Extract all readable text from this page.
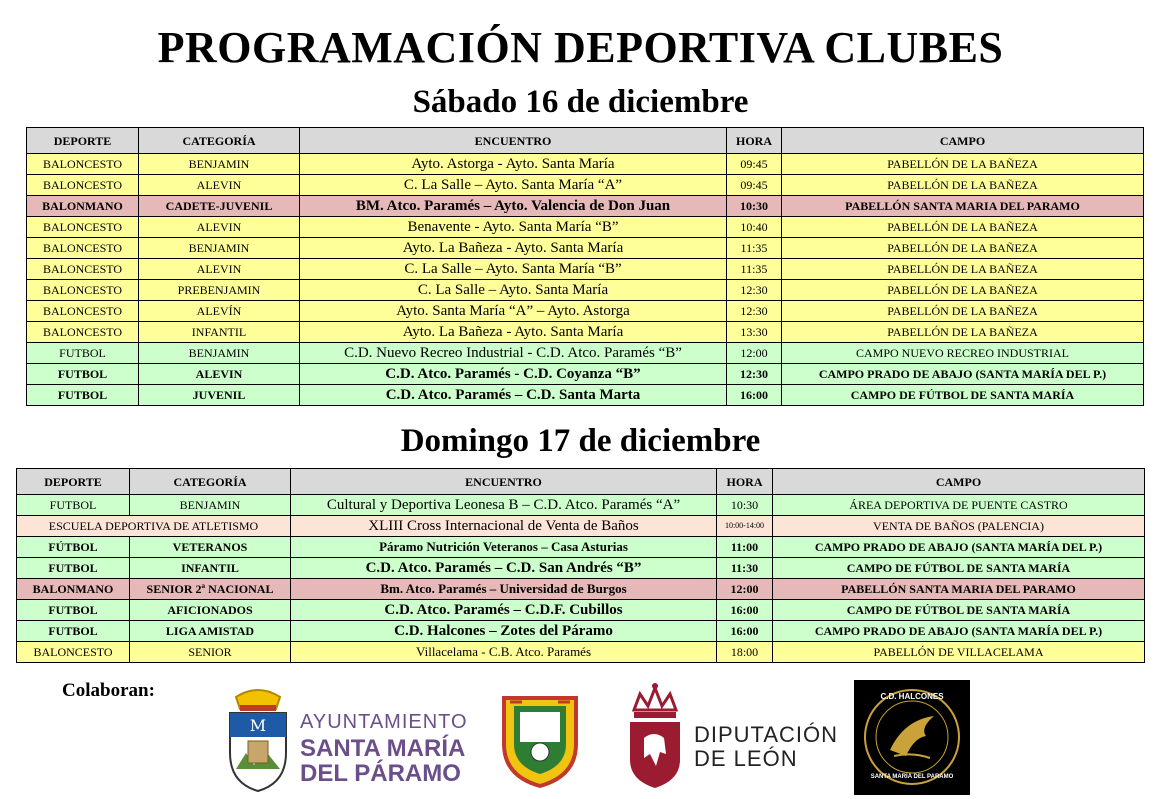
PROGRAMACIÓN DEPORTIVA CLUBES
Sábado 16 de diciembre
DEPORTE	CATEGORÍA	ENCUENTRO	HORA	CAMPO
BALONCESTO	BENJAMIN	Ayto. Astorga - Ayto. Santa María	09:45	PABELLÓN DE LA BAÑEZA
BALONCESTO	ALEVIN	C. La Salle – Ayto. Santa María “A”	09:45	PABELLÓN DE LA BAÑEZA
BALONMANO	CADETE-JUVENIL	BM. Atco. Paramés – Ayto. Valencia de Don Juan	10:30	PABELLÓN SANTA MARIA DEL PARAMO
BALONCESTO	ALEVIN	Benavente - Ayto. Santa María “B”	10:40	PABELLÓN DE LA BAÑEZA
BALONCESTO	BENJAMIN	Ayto. La Bañeza - Ayto. Santa María	11:35	PABELLÓN DE LA BAÑEZA
BALONCESTO	ALEVIN	C. La Salle – Ayto. Santa María “B”	11:35	PABELLÓN DE LA BAÑEZA
BALONCESTO	PREBENJAMIN	C. La Salle – Ayto. Santa María	12:30	PABELLÓN DE LA BAÑEZA
BALONCESTO	ALEVÍN	Ayto. Santa María “A” – Ayto. Astorga	12:30	PABELLÓN DE LA BAÑEZA
BALONCESTO	INFANTIL	Ayto. La Bañeza - Ayto. Santa María	13:30	PABELLÓN DE LA BAÑEZA
FUTBOL	BENJAMIN	C.D. Nuevo Recreo Industrial - C.D. Atco. Paramés “B”	12:00	CAMPO NUEVO RECREO INDUSTRIAL
FUTBOL	ALEVIN	C.D. Atco. Paramés - C.D. Coyanza “B”	12:30	CAMPO PRADO DE ABAJO (SANTA MARÍA DEL P.)
FUTBOL	JUVENIL	C.D. Atco. Paramés – C.D. Santa Marta	16:00	CAMPO DE FÚTBOL DE SANTA MARÍA
Domingo 17 de diciembre
DEPORTE	CATEGORÍA	ENCUENTRO	HORA	CAMPO
FUTBOL	BENJAMIN	Cultural y Deportiva Leonesa B – C.D. Atco. Paramés “A”	10:30	ÁREA DEPORTIVA DE PUENTE CASTRO
ESCUELA DEPORTIVA DE ATLETISMO		XLIII Cross Internacional de Venta de Baños	10:00-14:00	VENTA DE BAÑOS (PALENCIA)
FÚTBOL	VETERANOS	Páramo Nutrición Veteranos – Casa Asturias	11:00	CAMPO PRADO DE ABAJO (SANTA MARÍA DEL P.)
FUTBOL	INFANTIL	C.D. Atco. Paramés – C.D. San Andrés “B”	11:30	CAMPO DE FÚTBOL DE SANTA MARÍA
BALONMANO	SENIOR 2ª NACIONAL	Bm. Atco. Paramés – Universidad de Burgos	12:00	PABELLÓN SANTA MARIA DEL PARAMO
FUTBOL	AFICIONADOS	C.D. Atco. Paramés – C.D.F. Cubillos	16:00	CAMPO DE FÚTBOL DE SANTA MARÍA
FUTBOL	LIGA AMISTAD	C.D. Halcones – Zotes del Páramo	16:00	CAMPO PRADO DE ABAJO (SANTA MARÍA DEL P.)
BALONCESTO	SENIOR	Villacelama - C.B. Atco. Paramés	18:00	PABELLÓN DE VILLACELAMA
Colaboran:
M AYUNTAMIENTO
SANTA MARÍA
DEL PÁRAMO
DIPUTACIÓN
DE LEÓN
C.D. HALCONES
SANTA MARIA DEL PARAMO
